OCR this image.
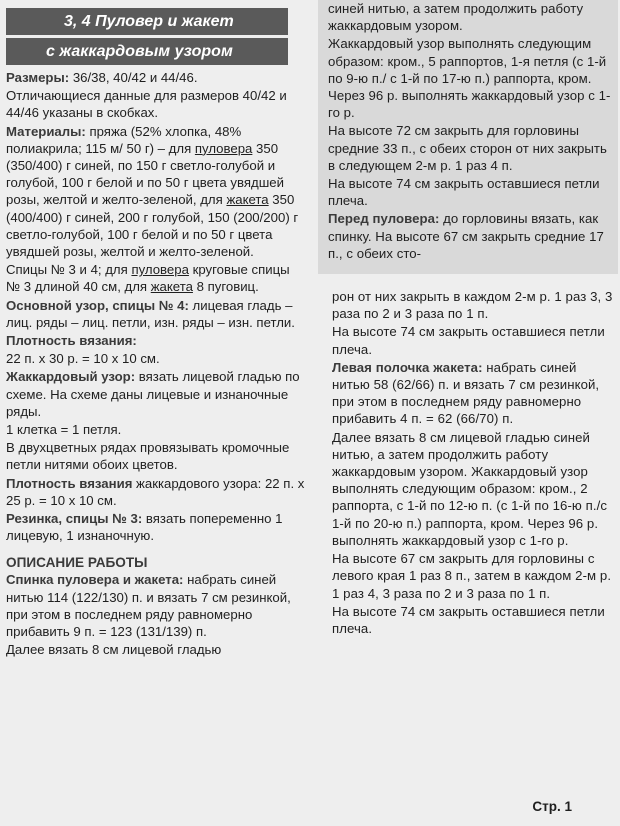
3, 4 Пуловер и жакет
с жаккардовым узором

Размеры: 36/38, 40/42 и 44/46.

Отличающиеся данные для размеров 40/42 и 44/46 указаны в скобках.

Материалы: пряжа (52% хлопка, 48% полиакрила; 115 м/ 50 г) – для пуловера 350 (350/400) г синей, по 150 г светло-голубой и голубой, 100 г белой и по 50 г цвета увядшей розы, желтой и желто-зеленой, для жакета 350 (400/400) г синей, 200 г голубой, 150 (200/200) г светло-голубой, 100 г белой и по 50 г цвета увядшей розы, желтой и желто-зеленой.

Спицы № 3 и 4; для пуловера круговые спицы № 3 длиной 40 см, для жакета 8 пуговиц.

Основной узор, спицы № 4: лицевая гладь – лиц. ряды – лиц. петли, изн. ряды – изн. петли.

Плотность вязания:

22 п. х 30 р. = 10 х 10 см.

Жаккардовый узор: вязать лицевой гладью по схеме. На схеме даны лицевые и изнаночные ряды.

1 клетка = 1 петля.

В двухцветных рядах провязывать кромочные петли нитями обоих цветов.

Плотность вязания жаккардового узора: 22 п. х 25 р. = 10 х 10 см.

Резинка, спицы № 3: вязать попеременно 1 лицевую, 1 изнаночную.

ОПИСАНИЕ РАБОТЫ

Спинка пуловера и жакета: набрать синей нитью 114 (122/130) п. и вязать 7 см резинкой, при этом в последнем ряду равномерно прибавить 9 п. = 123 (131/139) п.

Далее вязать 8 см лицевой гладью

синей нитью, а затем продолжить работу жаккардовым узором.

Жаккардовый узор выполнять следующим образом: кром., 5 раппортов, 1-я петля (с 1-й по 9-ю п./ с 1-й по 17-ю п.) раппорта, кром. Через 96 р. выполнять жаккардовый узор с 1-го р.

На высоте 72 см закрыть для горловины средние 33 п., с обеих сторон от них закрыть в следующем 2-м р. 1 раз 4 п.

На высоте 74 см закрыть оставшиеся петли плеча.

Перед пуловера: до горловины вязать, как спинку. На высоте 67 см закрыть средние 17 п., с обеих сто-

рон от них закрыть в каждом 2-м р. 1 раз 3, 3 раза по 2 и 3 раза по 1 п.

На высоте 74 см закрыть оставшиеся петли плеча.

Левая полочка жакета: набрать синей нитью 58 (62/66) п. и вязать 7 см резинкой, при этом в последнем ряду равномерно прибавить 4 п. = 62 (66/70) п.

Далее вязать 8 см лицевой гладью синей нитью, а затем продолжить работу жаккардовым узором. Жаккардовый узор выполнять следующим образом: кром., 2 раппорта, с 1-й по 12-ю п. (с 1-й по 16-ю п./с 1-й по 20-ю п.) раппорта, кром. Через 96 р. выполнять жаккардовый узор с 1-го р.

На высоте 67 см закрыть для горловины с левого края 1 раз 8 п., затем в каждом 2-м р. 1 раз 4, 3 раза по 2 и 3 раза по 1 п.

На высоте 74 см закрыть оставшиеся петли плеча.

Стр. 1
